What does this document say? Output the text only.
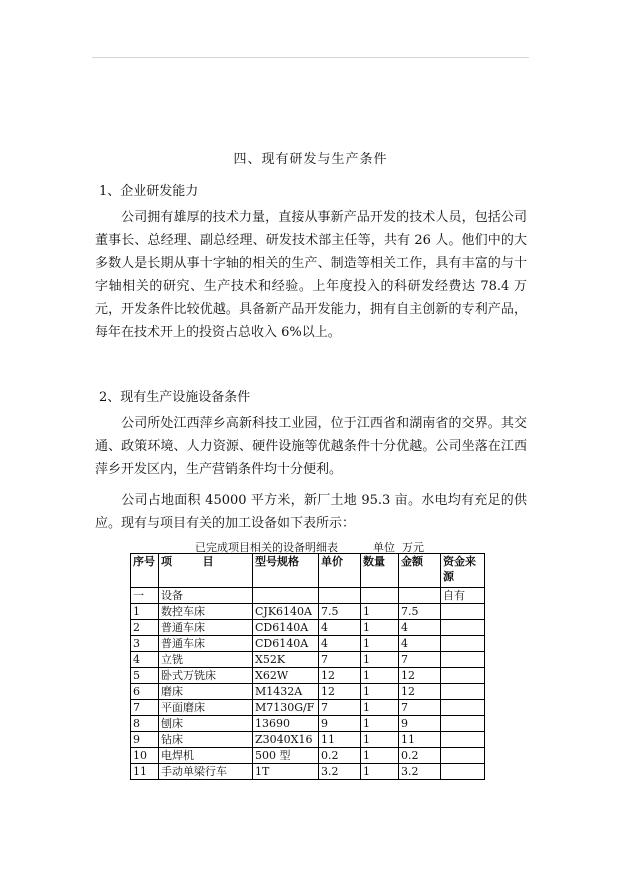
四、现有研发与生产条件
1、企业研发能力
公司拥有雄厚的技术力量，直接从事新产品开发的技术人员，包括公司董事长、总经理、副总经理、研发技术部主任等，共有 26 人。他们中的大多数人是长期从事十字轴的相关的生产、制造等相关工作，具有丰富的与十字轴相关的研究、生产技术和经验。上年度投入的科研发经费达 78.4 万元，开发条件比较优越。具备新产品开发能力，拥有自主创新的专利产品，每年在技术开上的投资占总收入 6%以上。
2、现有生产设施设备条件
公司所处江西萍乡高新科技工业园，位于江西省和湖南省的交界。其交通、政策环境、人力资源、硬件设施等优越条件十分优越。公司坐落在江西萍乡开发区内，生产营销条件均十分便利。
公司占地面积 45000 平方米，新厂土地 95.3 亩。水电均有充足的供应。现有与项目有关的加工设备如下表所示：
已完成项目相关的设备明细表          单位  万元
序号	项        目	型号规格	单价	数量	金额	资金来源
一	设备					自有
1	数控车床	CJK6140A	7.5	1	7.5	
2	普通车床	CD6140A	4	1	4	
3	普通车床	CD6140A	4	1	4	
4	立铣	X52K	7	1	7	
5	卧式万铣床	X62W	12	1	12	
6	磨床	M1432A	12	1	12	
7	平面磨床	M7130G/F	7	1	7	
8	刨床	13690	9	1	9	
9	钻床	Z3040X16	11	1	11	
10	电焊机	500 型	0.2	1	0.2	
11	手动单梁行车	1T	3.2	1	3.2	
